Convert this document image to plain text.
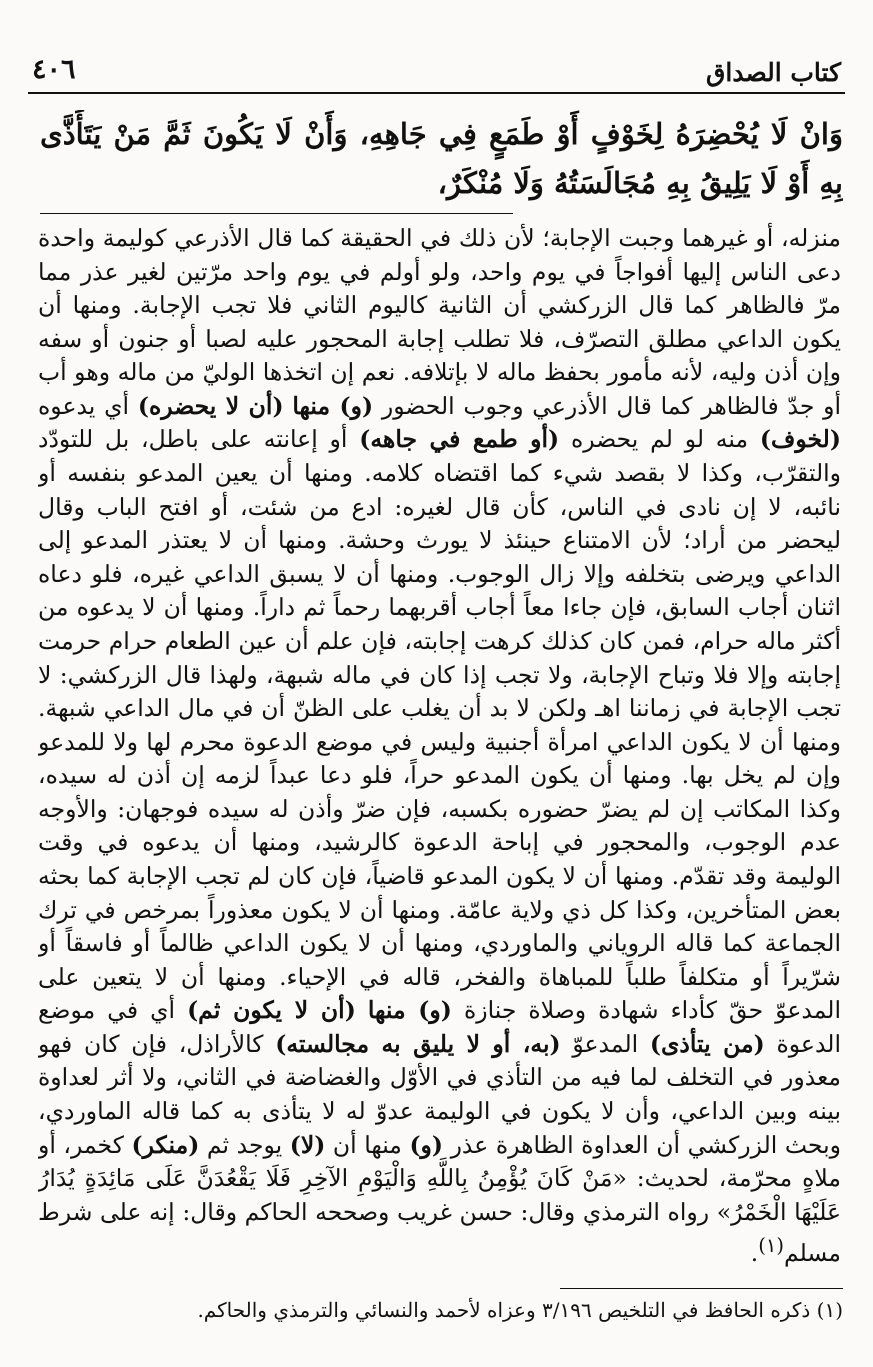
كتاب الصداق
٤٠٦

وَانْ لَا يُحْضِرَهُ لِخَوْفٍ أَوْ طَمَعٍ فِي جَاهِهِ، وَأَنْ لَا يَكُونَ ثَمَّ مَنْ يَتَأَذَّى بِهِ أَوْ لَا يَلِيقُ بِهِ مُجَالَسَتُهُ وَلَا مُنْكَرٌ،

منزله، أو غيرهما وجبت الإجابة؛ لأن ذلك في الحقيقة كما قال الأذرعي كوليمة واحدة دعى الناس إليها أفواجاً في يوم واحد، ولو أولم في يوم واحد مرّتين لغير عذر مما مرّ فالظاهر كما قال الزركشي أن الثانية كاليوم الثاني فلا تجب الإجابة. ومنها أن يكون الداعي مطلق التصرّف، فلا تطلب إجابة المحجور عليه لصبا أو جنون أو سفه وإن أذن وليه، لأنه مأمور بحفظ ماله لا بإتلافه. نعم إن اتخذها الوليّ من ماله وهو أب أو جدّ فالظاهر كما قال الأذرعي وجوب الحضور (و) منها (أن لا يحضره) أي يدعوه (لخوف) منه لو لم يحضره (أو طمع في جاهه) أو إعانته على باطل، بل للتودّد والتقرّب، وكذا لا بقصد شيء كما اقتضاه كلامه. ومنها أن يعين المدعو بنفسه أو نائبه، لا إن نادى في الناس، كأن قال لغيره: ادع من شئت، أو افتح الباب وقال ليحضر من أراد؛ لأن الامتناع حينئذ لا يورث وحشة. ومنها أن لا يعتذر المدعو إلى الداعي ويرضى بتخلفه وإلا زال الوجوب. ومنها أن لا يسبق الداعي غيره، فلو دعاه اثنان أجاب السابق، فإن جاءا معاً أجاب أقربهما رحماً ثم داراً. ومنها أن لا يدعوه من أكثر ماله حرام، فمن كان كذلك كرهت إجابته، فإن علم أن عين الطعام حرام حرمت إجابته وإلا فلا وتباح الإجابة، ولا تجب إذا كان في ماله شبهة، ولهذا قال الزركشي: لا تجب الإجابة في زماننا اهـ ولكن لا بد أن يغلب على الظنّ أن في مال الداعي شبهة. ومنها أن لا يكون الداعي امرأة أجنبية وليس في موضع الدعوة محرم لها ولا للمدعو وإن لم يخل بها. ومنها أن يكون المدعو حراً، فلو دعا عبداً لزمه إن أذن له سيده، وكذا المكاتب إن لم يضرّ حضوره بكسبه، فإن ضرّ وأذن له سيده فوجهان: والأوجه عدم الوجوب، والمحجور في إباحة الدعوة كالرشيد، ومنها أن يدعوه في وقت الوليمة وقد تقدّم. ومنها أن لا يكون المدعو قاضياً، فإن كان لم تجب الإجابة كما بحثه بعض المتأخرين، وكذا كل ذي ولاية عامّة. ومنها أن لا يكون معذوراً بمرخص في ترك الجماعة كما قاله الروياني والماوردي، ومنها أن لا يكون الداعي ظالماً أو فاسقاً أو شرّيراً أو متكلفاً طلباً للمباهاة والفخر، قاله في الإحياء. ومنها أن لا يتعين على المدعوّ حقّ كأداء شهادة وصلاة جنازة (و) منها (أن لا يكون ثم) أي في موضع الدعوة (من يتأذى) المدعوّ (به، أو لا يليق به مجالسته) كالأراذل، فإن كان فهو معذور في التخلف لما فيه من التأذي في الأوّل والغضاضة في الثاني، ولا أثر لعداوة بينه وبين الداعي، وأن لا يكون في الوليمة عدوّ له لا يتأذى به كما قاله الماوردي، وبحث الزركشي أن العداوة الظاهرة عذر (و) منها أن (لا) يوجد ثم (منكر) كخمر، أو ملاهٍ محرّمة، لحديث: «مَنْ كَانَ يُؤْمِنُ بِاللَّهِ وَالْيَوْمِ الآخِرِ فَلَا يَقْعُدَنَّ عَلَى مَائِدَةٍ يُدَارُ عَلَيْهَا الْخَمْرُ» رواه الترمذي وقال: حسن غريب وصححه الحاكم وقال: إنه على شرط مسلم$^{(١)}$.

(١) ذكره الحافظ في التلخيص ٣/١٩٦ وعزاه لأحمد والنسائي والترمذي والحاكم.
